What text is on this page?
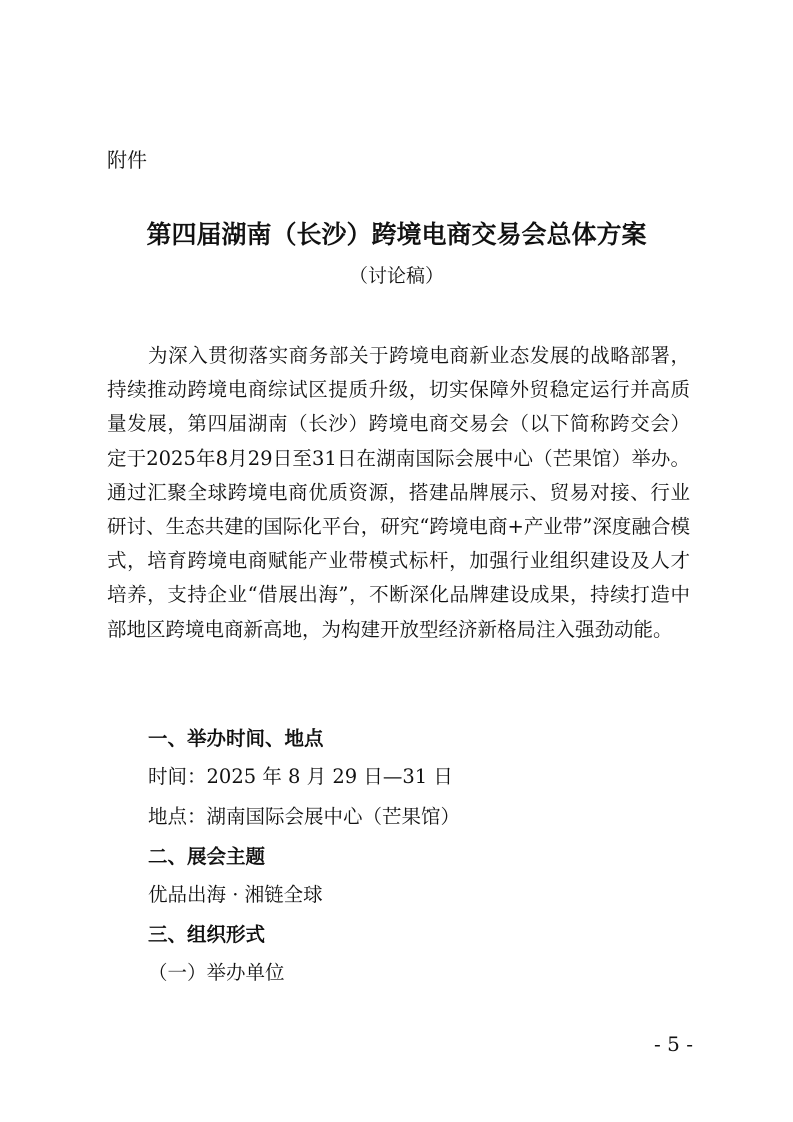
附件
第四届湖南（长沙）跨境电商交易会总体方案
（讨论稿）

为深入贯彻落实商务部关于跨境电商新业态发展的战略部署，持续推动跨境电商综试区提质升级，切实保障外贸稳定运行并高质量发展，第四届湖南（长沙）跨境电商交易会（以下简称跨交会）定于2025年8月29日至31日在湖南国际会展中心（芒果馆）举办。通过汇聚全球跨境电商优质资源，搭建品牌展示、贸易对接、行业研讨、生态共建的国际化平台，研究“跨境电商+产业带”深度融合模式，培育跨境电商赋能产业带模式标杆，加强行业组织建设及人才培养，支持企业“借展出海”，不断深化品牌建设成果，持续打造中部地区跨境电商新高地，为构建开放型经济新格局注入强劲动能。

一、举办时间、地点
时间：2025 年 8 月 29 日—31 日
地点：湖南国际会展中心（芒果馆）
二、展会主题
优品出海 · 湘链全球
三、组织形式
（一）举办单位
- 5 -
